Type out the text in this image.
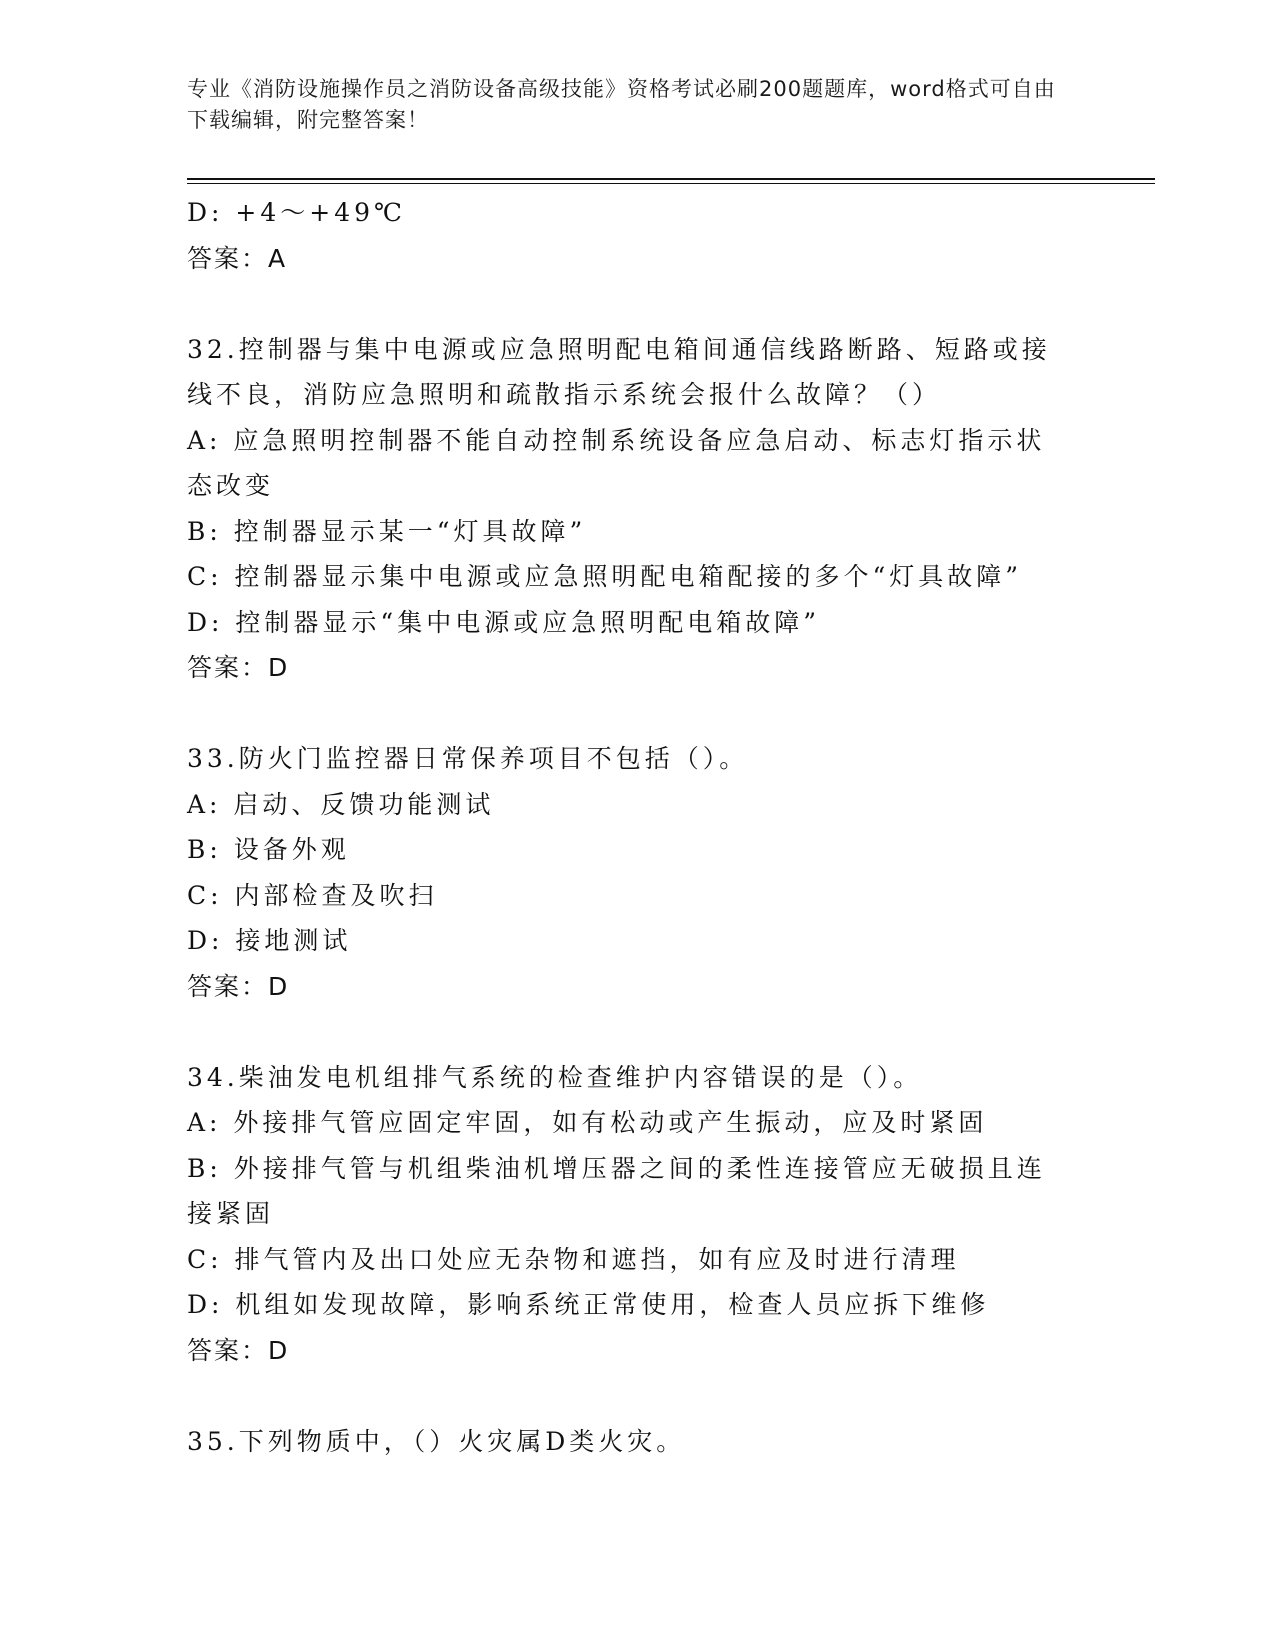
专业《消防设施操作员之消防设备高级技能》资格考试必刷200题题库，word格式可自由下载编辑，附完整答案！

D: +4～+49℃

答案：A

32.控制器与集中电源或应急照明配电箱间通信线路断路、短路或接线不良，消防应急照明和疏散指示系统会报什么故障？（）

A: 应急照明控制器不能自动控制系统设备应急启动、标志灯指示状态改变

B: 控制器显示某一“灯具故障”

C: 控制器显示集中电源或应急照明配电箱配接的多个“灯具故障”

D: 控制器显示“集中电源或应急照明配电箱故障”

答案：D

33.防火门监控器日常保养项目不包括（）。

A: 启动、反馈功能测试

B: 设备外观

C: 内部检查及吹扫

D: 接地测试

答案：D

34.柴油发电机组排气系统的检查维护内容错误的是（）。

A: 外接排气管应固定牢固，如有松动或产生振动，应及时紧固

B: 外接排气管与机组柴油机增压器之间的柔性连接管应无破损且连接紧固

C: 排气管内及出口处应无杂物和遮挡，如有应及时进行清理

D: 机组如发现故障，影响系统正常使用，检查人员应拆下维修

答案：D

35.下列物质中，（）火灾属D类火灾。
